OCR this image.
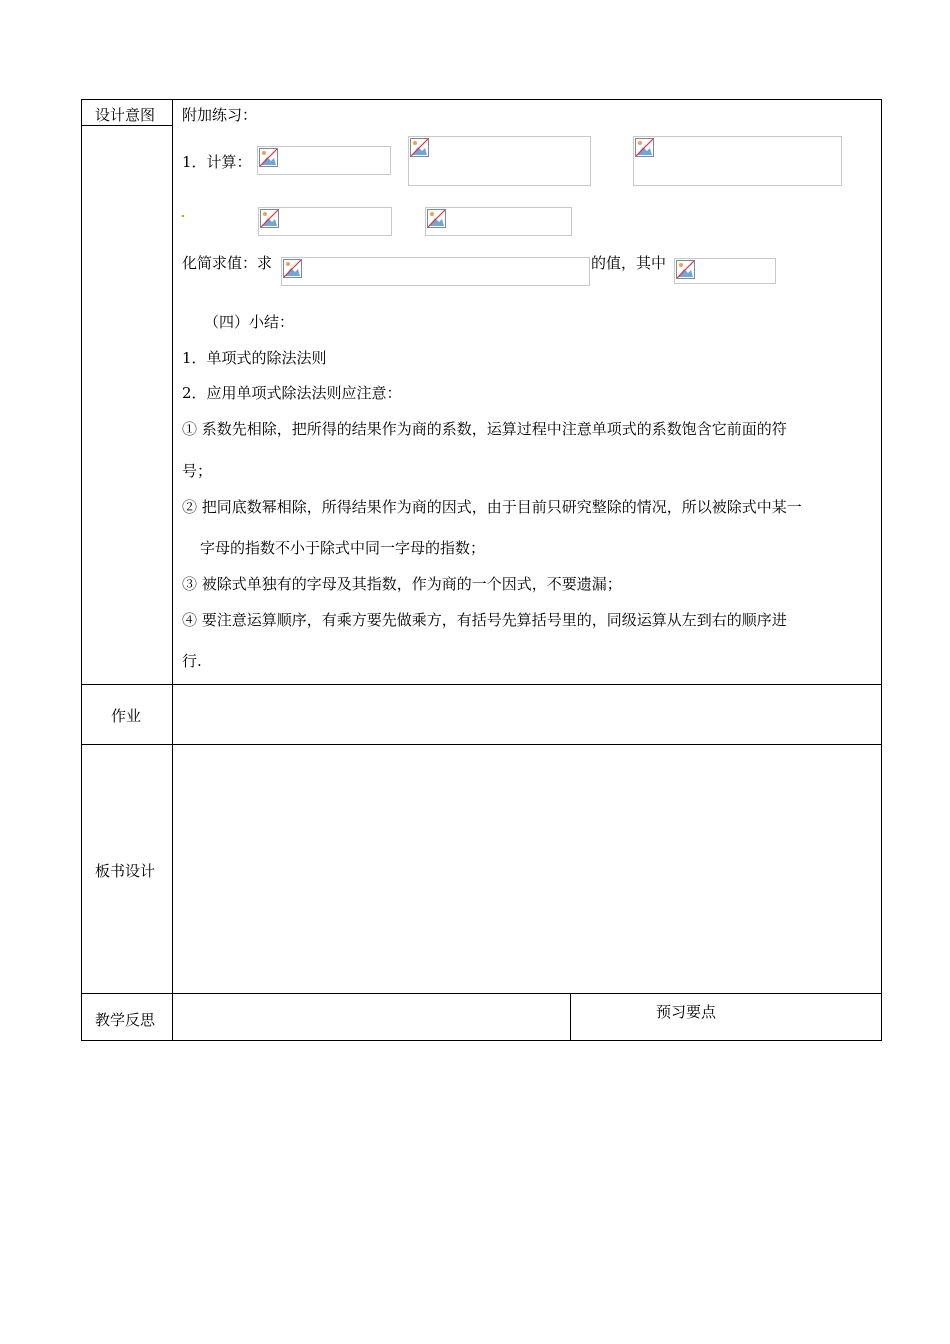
设计意图
作业
板书设计
教学反思	预习要点
附加练习：
1．计算：
化简求值：求	的值，其中
（四）小结：
1．单项式的除法法则
2．应用单项式除法法则应注意：
① 系数先相除，把所得的结果作为商的系数，运算过程中注意单项式的系数饱含它前面的符
号；
② 把同底数幂相除，所得结果作为商的因式，由于目前只研究整除的情况，所以被除式中某一
字母的指数不小于除式中同一字母的指数；
③ 被除式单独有的字母及其指数，作为商的一个因式，不要遗漏；
④ 要注意运算顺序，有乘方要先做乘方，有括号先算括号里的，同级运算从左到右的顺序进
行.
